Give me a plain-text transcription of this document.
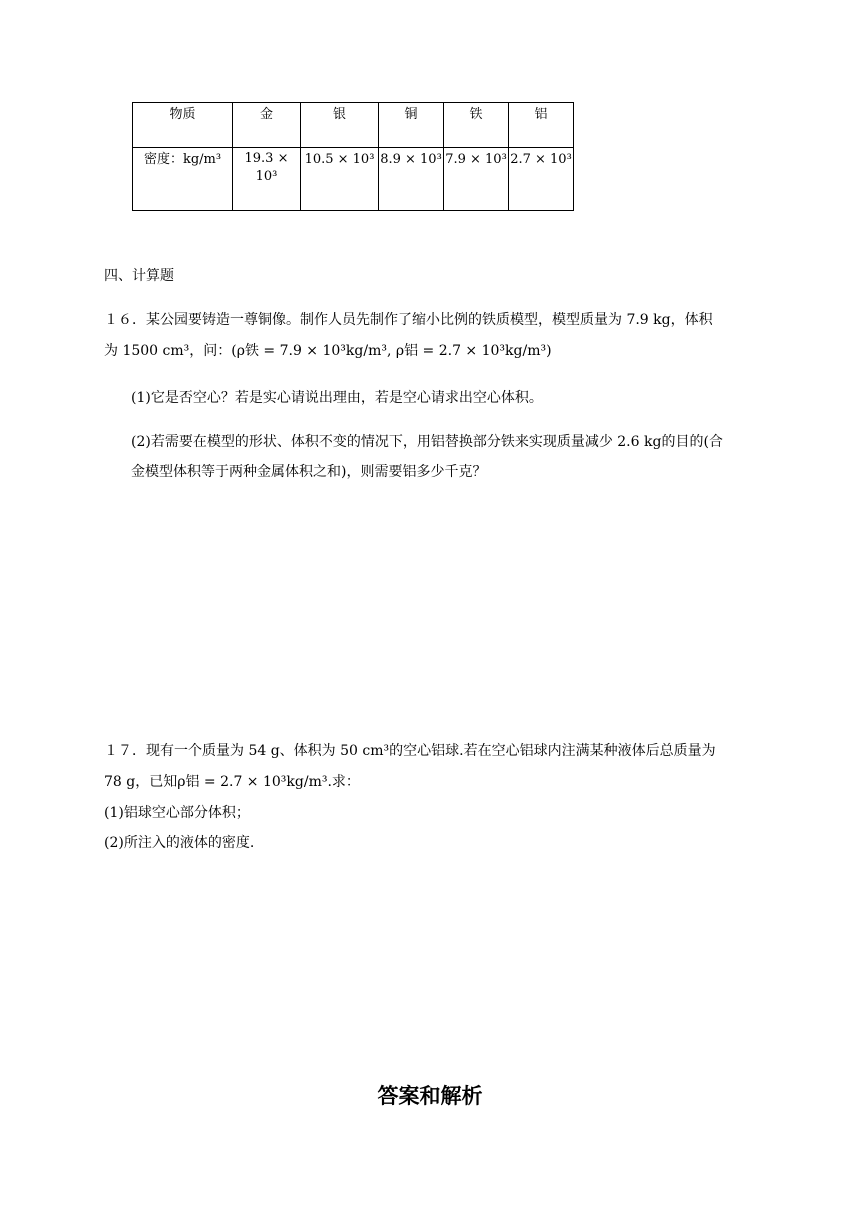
物质	金	银	铜	铁	铝
密度：kg/m³	19.3 × 10³	10.5 × 10³	8.9 × 10³	7.9 × 10³	2.7 × 10³
四、计算题
１６．某公园要铸造一尊铜像。制作人员先制作了缩小比例的铁质模型，模型质量为 7.9 kg，体积
为 1500 cm³，问：(ρ铁 = 7.9 × 10³kg/m³, ρ铝 = 2.7 × 10³kg/m³)
(1)它是否空心？若是实心请说出理由，若是空心请求出空心体积。
(2)若需要在模型的形状、体积不变的情况下，用铝替换部分铁来实现质量减少 2.6 kg的目的(合
金模型体积等于两种金属体积之和)，则需要铝多少千克？
１７．现有一个质量为 54 g、体积为 50 cm³的空心铝球.若在空心铝球内注满某种液体后总质量为
78 g，已知ρ铝 = 2.7 × 10³kg/m³.求：
(1)铝球空心部分体积；
(2)所注入的液体的密度.
答案和解析
